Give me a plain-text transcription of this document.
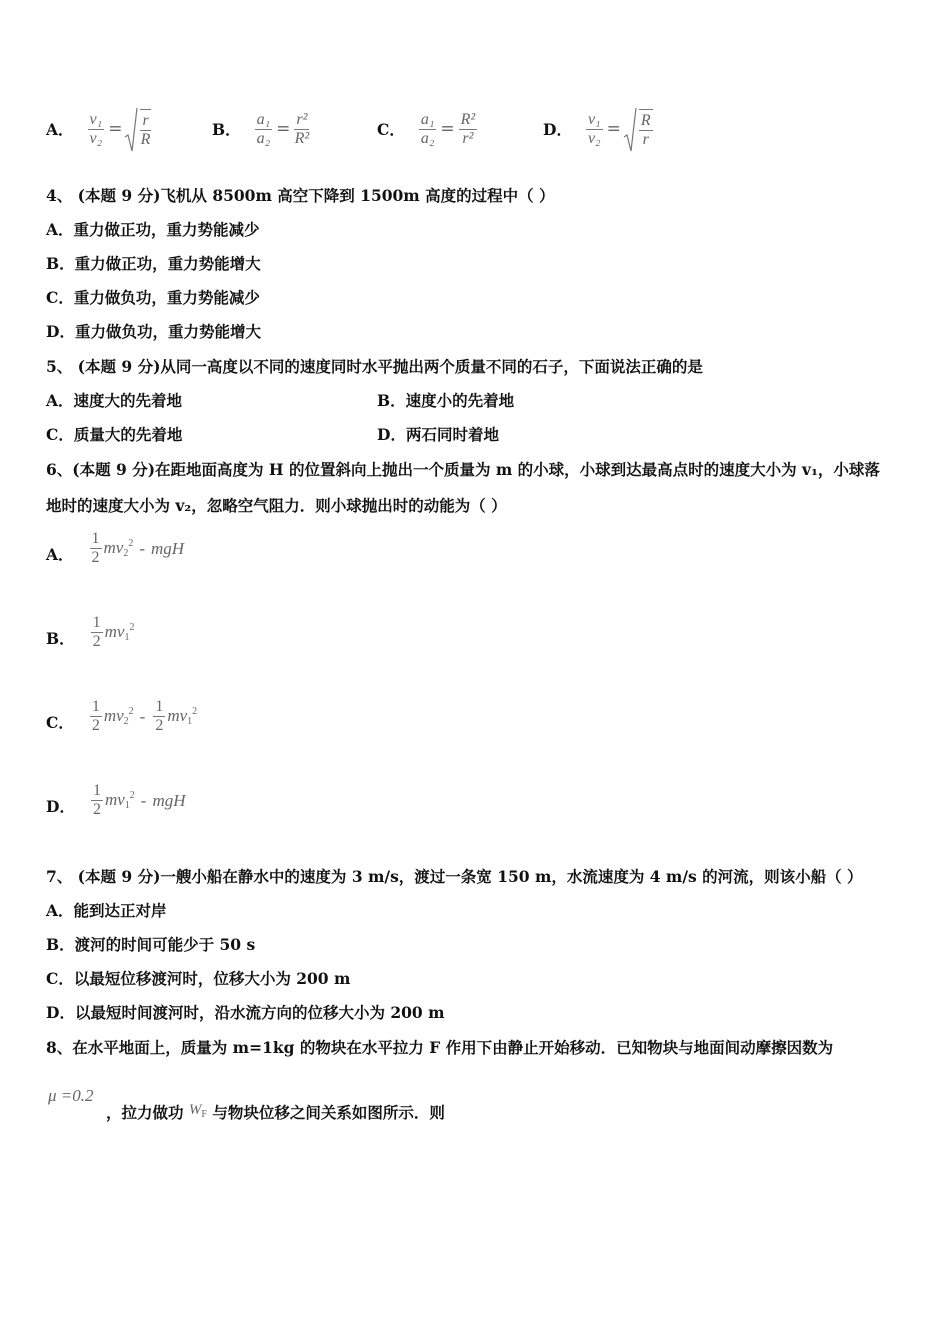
A． $\frac{\text{v₁}}{\text{v₂}} = \frac{r}{R}$	B． $\frac{\text{a₁}}{\text{a₂}} = \frac{\text{r²}}{\text{R²}}$	C． $\frac{\text{a₁}}{\text{a₂}} = \frac{\text{R²}}{\text{r²}}$	D． $\frac{\text{v₁}}{\text{v₂}} = \frac{R}{r}$
4、 (本题 9 分)飞机从 8500m 高空下降到 1500m 高度的过程中（ ）
A．重力做正功，重力势能减少
B．重力做正功，重力势能增大
C．重力做负功，重力势能减少
D．重力做负功，重力势能增大
5、 (本题 9 分)从同一高度以不同的速度同时水平抛出两个质量不同的石子，下面说法正确的是
A．速度大的先着地	B．速度小的先着地
C．质量大的先着地	D．两石同时着地
6、(本题 9 分)在距地面高度为 H 的位置斜向上抛出一个质量为 m 的小球，小球到达最高点时的速度大小为 v₁，小球落
地时的速度大小为 v₂，忽略空气阻力．则小球抛出时的动能为（ ）
A． $\frac{1}{2} mv_2^2$ - mgH
B． $\frac{1}{2} mv_1^2$
C． $\frac{1}{2} mv_2^2 - \frac{1}{2} mv_1^2$
D． $\frac{1}{2} mv_1^2$ - mgH
7、 (本题 9 分)一艘小船在静水中的速度为 3 m/s，渡过一条宽 150 m，水流速度为 4 m/s 的河流，则该小船（ ）
A．能到达正对岸
B．渡河的时间可能少于 50 s
C．以最短位移渡河时，位移大小为 200 m
D．以最短时间渡河时，沿水流方向的位移大小为 200 m
8、在水平地面上，质量为 m=1kg 的物块在水平拉力 F 作用下由静止开始移动．已知物块与地面间动摩擦因数为
μ =0.2
，拉力做功 $W_F$ 与物块位移之间关系如图所示．则
